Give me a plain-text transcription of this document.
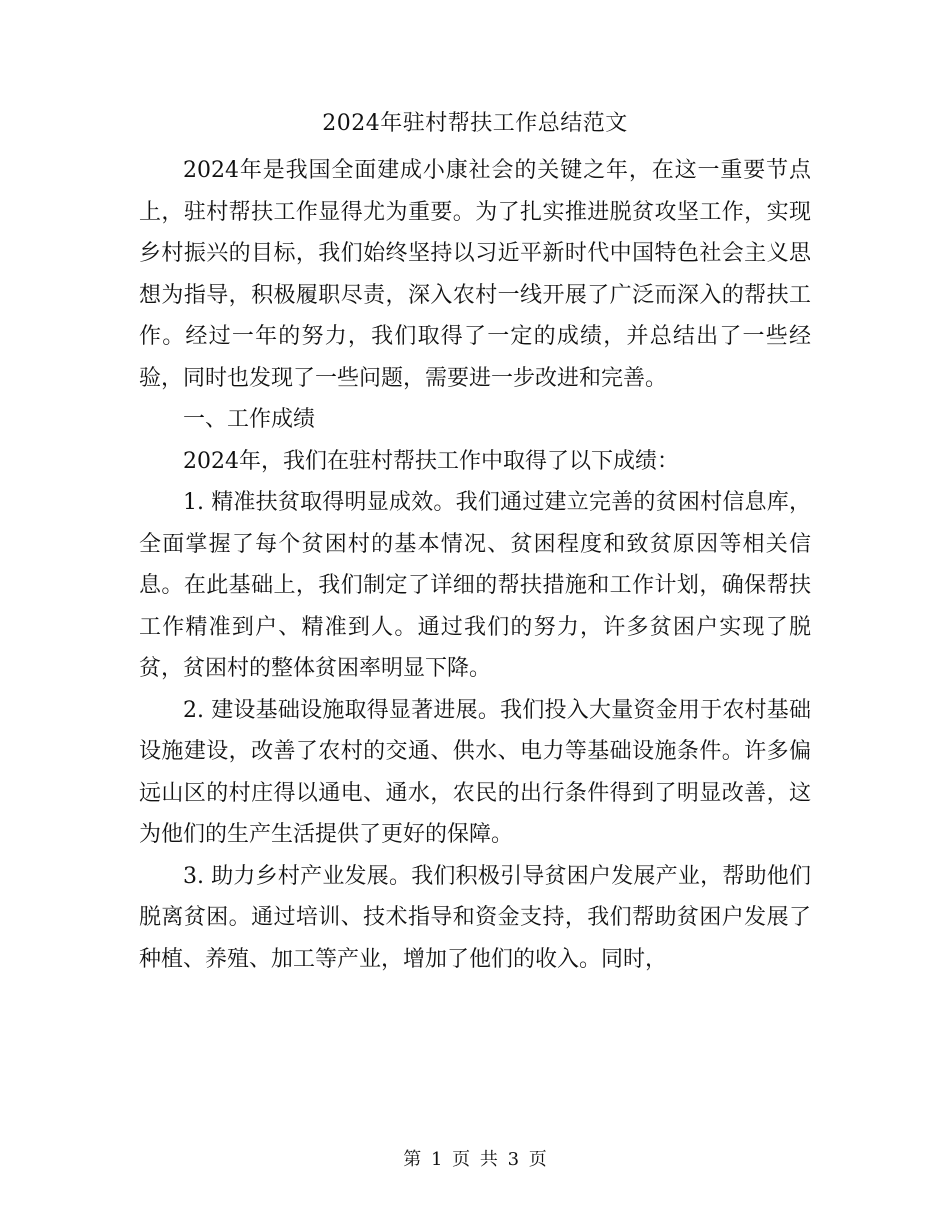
2024年驻村帮扶工作总结范文

2024年是我国全面建成小康社会的关键之年，在这一重要节点上，驻村帮扶工作显得尤为重要。为了扎实推进脱贫攻坚工作，实现乡村振兴的目标，我们始终坚持以习近平新时代中国特色社会主义思想为指导，积极履职尽责，深入农村一线开展了广泛而深入的帮扶工作。经过一年的努力，我们取得了一定的成绩，并总结出了一些经验，同时也发现了一些问题，需要进一步改进和完善。

一、工作成绩

2024年，我们在驻村帮扶工作中取得了以下成绩：

1. 精准扶贫取得明显成效。我们通过建立完善的贫困村信息库，全面掌握了每个贫困村的基本情况、贫困程度和致贫原因等相关信息。在此基础上，我们制定了详细的帮扶措施和工作计划，确保帮扶工作精准到户、精准到人。通过我们的努力，许多贫困户实现了脱贫，贫困村的整体贫困率明显下降。

2. 建设基础设施取得显著进展。我们投入大量资金用于农村基础设施建设，改善了农村的交通、供水、电力等基础设施条件。许多偏远山区的村庄得以通电、通水，农民的出行条件得到了明显改善，这为他们的生产生活提供了更好的保障。

3. 助力乡村产业发展。我们积极引导贫困户发展产业，帮助他们脱离贫困。通过培训、技术指导和资金支持，我们帮助贫困户发展了种植、养殖、加工等产业，增加了他们的收入。同时，

第 1 页 共 3 页
